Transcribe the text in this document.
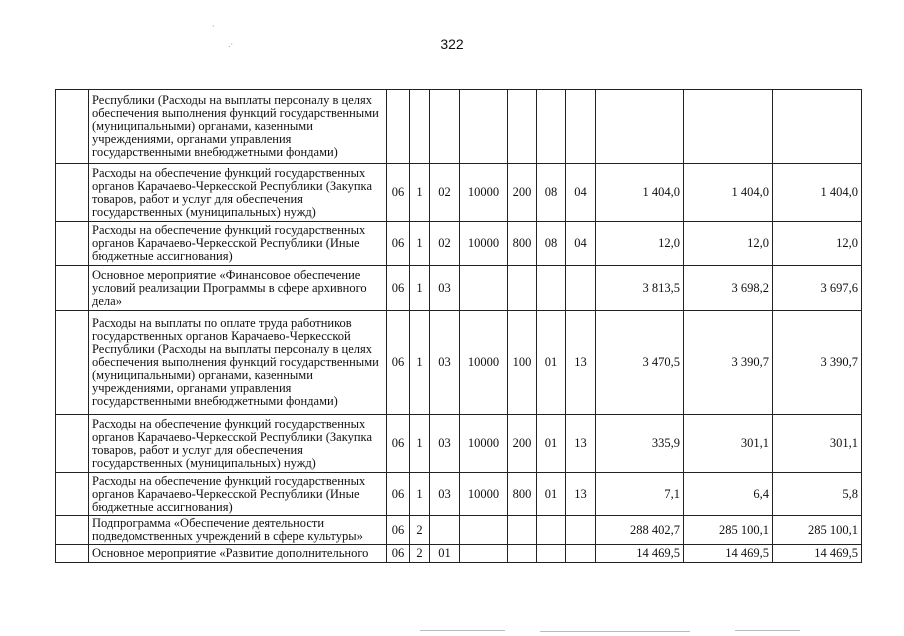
322
·
.·
	Республики (Расходы на выплаты персоналу в целях обеспечения выполнения функций государственными (муниципальными) органами, казенными учреждениями, органами управления государственными внебюджетными фондами)										
	Расходы на обеспечение функций государственных органов Карачаево-Черкесской Республики (Закупка товаров, работ и услуг для обеспечения государственных (муниципальных) нужд)	06	1	02	10000	200	08	04	1 404,0	1 404,0	1 404,0
	Расходы на обеспечение функций государственных органов Карачаево-Черкесской Республики (Иные бюджетные ассигнования)	06	1	02	10000	800	08	04	12,0	12,0	12,0
	Основное мероприятие «Финансовое обеспечение условий реализации Программы в сфере архивного дела»	06	1	03					3 813,5	3 698,2	3 697,6
	Расходы на выплаты по оплате труда работников государственных органов Карачаево-Черкесской Республики (Расходы на выплаты персоналу в целях обеспечения выполнения функций государственными (муниципальными) органами, казенными учреждениями, органами управления государственными внебюджетными фондами)	06	1	03	10000	100	01	13	3 470,5	3 390,7	3 390,7
	Расходы на обеспечение функций государственных органов Карачаево-Черкесской Республики (Закупка товаров, работ и услуг для обеспечения государственных (муниципальных) нужд)	06	1	03	10000	200	01	13	335,9	301,1	301,1
	Расходы на обеспечение функций государственных органов Карачаево-Черкесской Республики (Иные бюджетные ассигнования)	06	1	03	10000	800	01	13	7,1	6,4	5,8
	Подпрограмма «Обеспечение деятельности подведомственных учреждений в сфере культуры»	06	2						288 402,7	285 100,1	285 100,1
	Основное мероприятие «Развитие дополнительного	06	2	01					14 469,5	14 469,5	14 469,5
